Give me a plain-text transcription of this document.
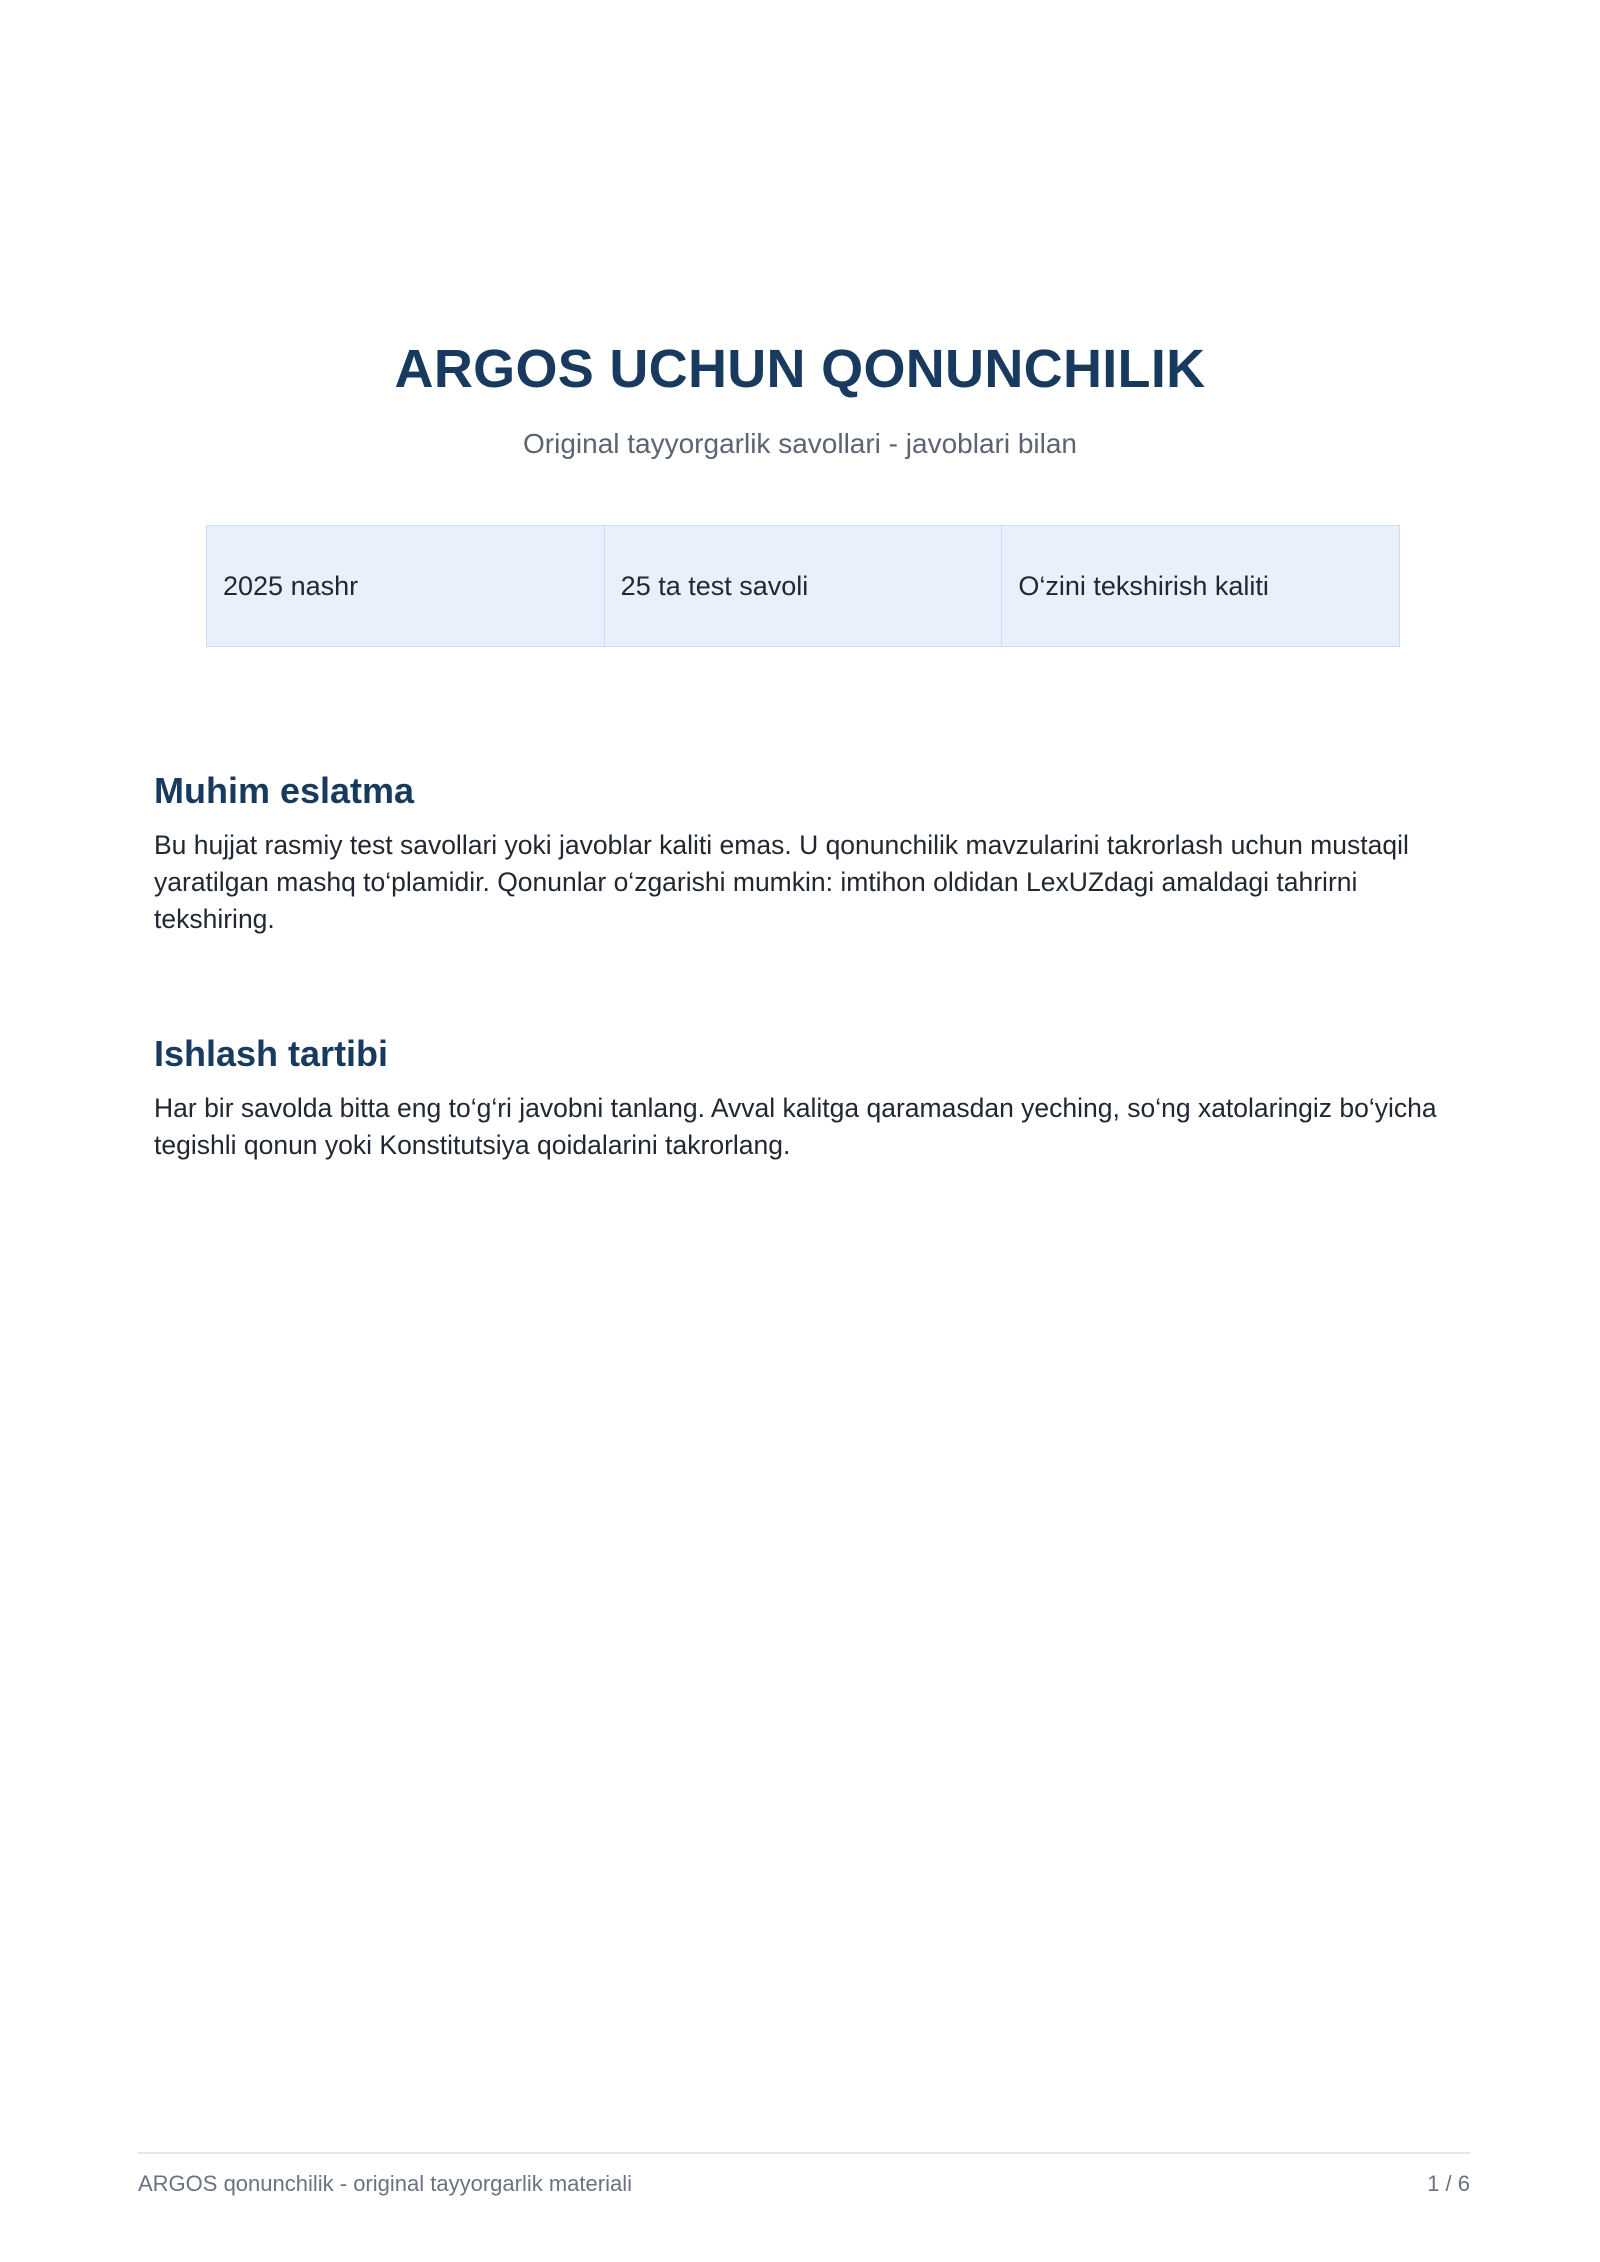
ARGOS UCHUN QONUNCHILIK

Original tayyorgarlik savollari - javoblari bilan

2025 nashr	25 ta test savoli	O‘zini tekshirish kaliti
Muhim eslatma

Bu hujjat rasmiy test savollari yoki javoblar kaliti emas. U qonunchilik mavzularini takrorlash uchun mustaqil yaratilgan mashq to‘plamidir. Qonunlar o‘zgarishi mumkin: imtihon oldidan LexUZdagi amaldagi tahrirni tekshiring.

Ishlash tartibi

Har bir savolda bitta eng to‘g‘ri javobni tanlang. Avval kalitga qaramasdan yeching, so‘ng xatolaringiz bo‘yicha tegishli qonun yoki Konstitutsiya qoidalarini takrorlang.

ARGOS qonunchilik - original tayyorgarlik materiali	1 / 6
